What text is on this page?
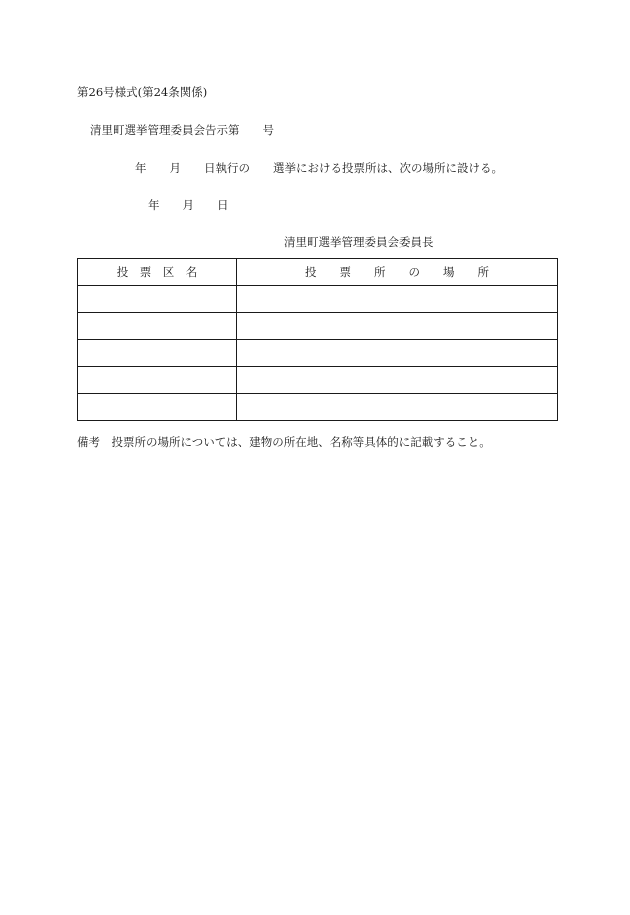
第26号様式(第24条関係)
清里町選挙管理委員会告示第　　号
年　　月　　日執行の　　選挙における投票所は、次の場所に設ける。
年　　月　　日
清里町選挙管理委員会委員長
投　票　区　名	投　　票　　所　　の　　場　　所

備考　投票所の場所については、建物の所在地、名称等具体的に記載すること。
